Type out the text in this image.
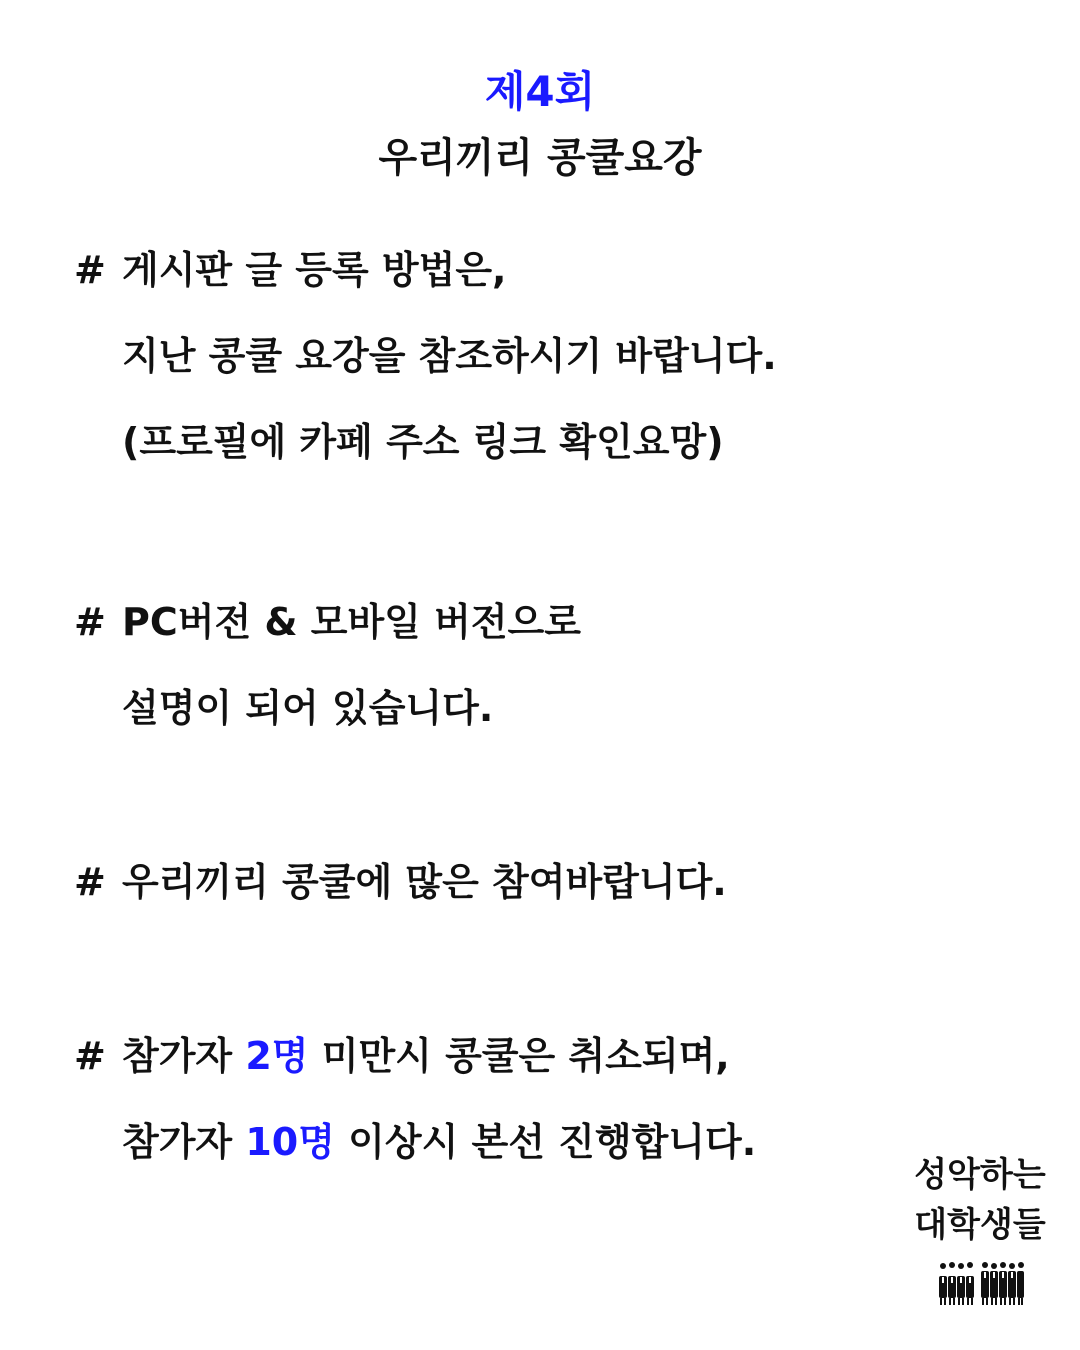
제4회
우리끼리 콩쿨요강
# 게시판 글 등록 방법은,
지난 콩쿨 요강을 참조하시기 바랍니다.
(프로필에 카페 주소 링크 확인요망)
# PC버전 & 모바일 버전으로
설명이 되어 있습니다.
# 우리끼리 콩쿨에 많은 참여바랍니다.
# 참가자 2명 미만시 콩쿨은 취소되며,
참가자 10명 이상시 본선 진행합니다.
성악하는
대학생들
